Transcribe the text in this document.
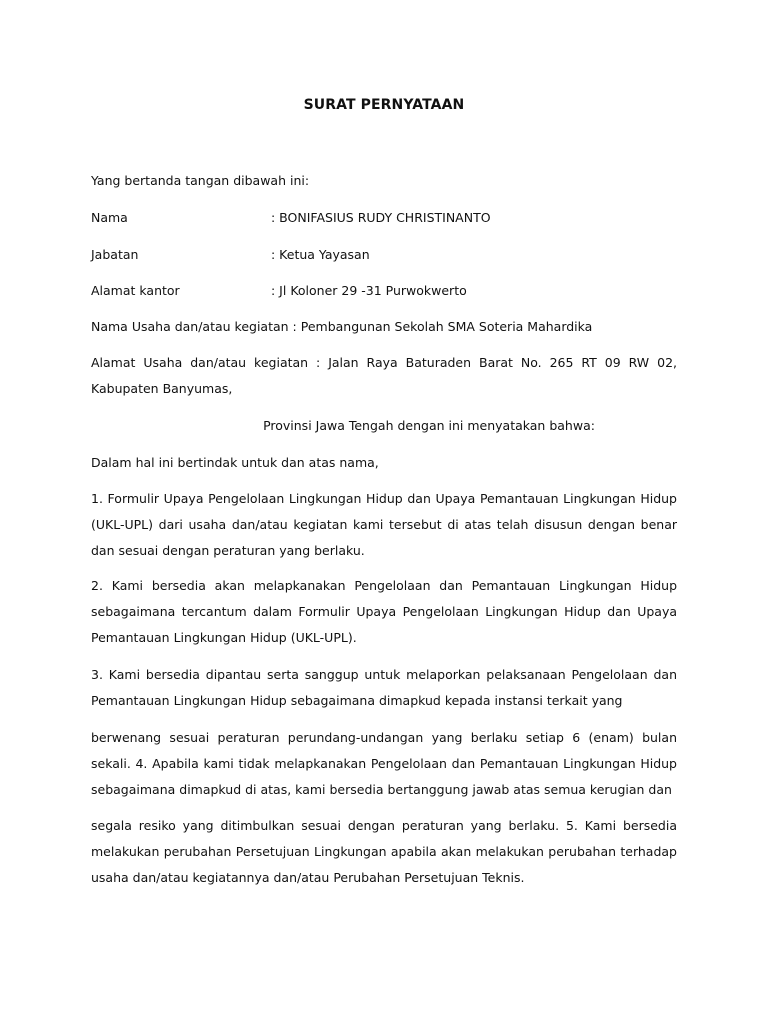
SURAT PERNYATAAN
Yang bertanda tangan dibawah ini:
Nama	: BONIFASIUS RUDY CHRISTINANTO
Jabatan	: Ketua Yayasan
Alamat kantor	: Jl Koloner 29 -31 Purwokwerto
Nama Usaha dan/atau kegiatan : Pembangunan Sekolah SMA Soteria Mahardika
Alamat Usaha dan/atau kegiatan : Jalan Raya Baturaden Barat No. 265 RT 09 RW 02, Kabupaten Banyumas,
Provinsi Jawa Tengah dengan ini menyatakan bahwa:
Dalam hal ini bertindak untuk dan atas nama,
1. Formulir Upaya Pengelolaan Lingkungan Hidup dan Upaya Pemantauan Lingkungan Hidup (UKL-UPL) dari usaha dan/atau kegiatan kami tersebut di atas telah disusun dengan benar dan sesuai dengan peraturan yang berlaku.
2. Kami bersedia akan melapkanakan Pengelolaan dan Pemantauan Lingkungan Hidup sebagaimana tercantum dalam Formulir Upaya Pengelolaan Lingkungan Hidup dan Upaya Pemantauan Lingkungan Hidup (UKL-UPL).
3. Kami bersedia dipantau serta sanggup untuk melaporkan pelaksanaan Pengelolaan dan Pemantauan Lingkungan Hidup sebagaimana dimapkud kepada instansi terkait yang
berwenang sesuai peraturan perundang-undangan yang berlaku setiap 6 (enam) bulan sekali. 4. Apabila kami tidak melapkanakan Pengelolaan dan Pemantauan Lingkungan Hidup sebagaimana dimapkud di atas, kami bersedia bertanggung jawab atas semua kerugian dan
segala resiko yang ditimbulkan sesuai dengan peraturan yang berlaku. 5. Kami bersedia melakukan perubahan Persetujuan Lingkungan apabila akan melakukan perubahan terhadap usaha dan/atau kegiatannya dan/atau Perubahan Persetujuan Teknis.
